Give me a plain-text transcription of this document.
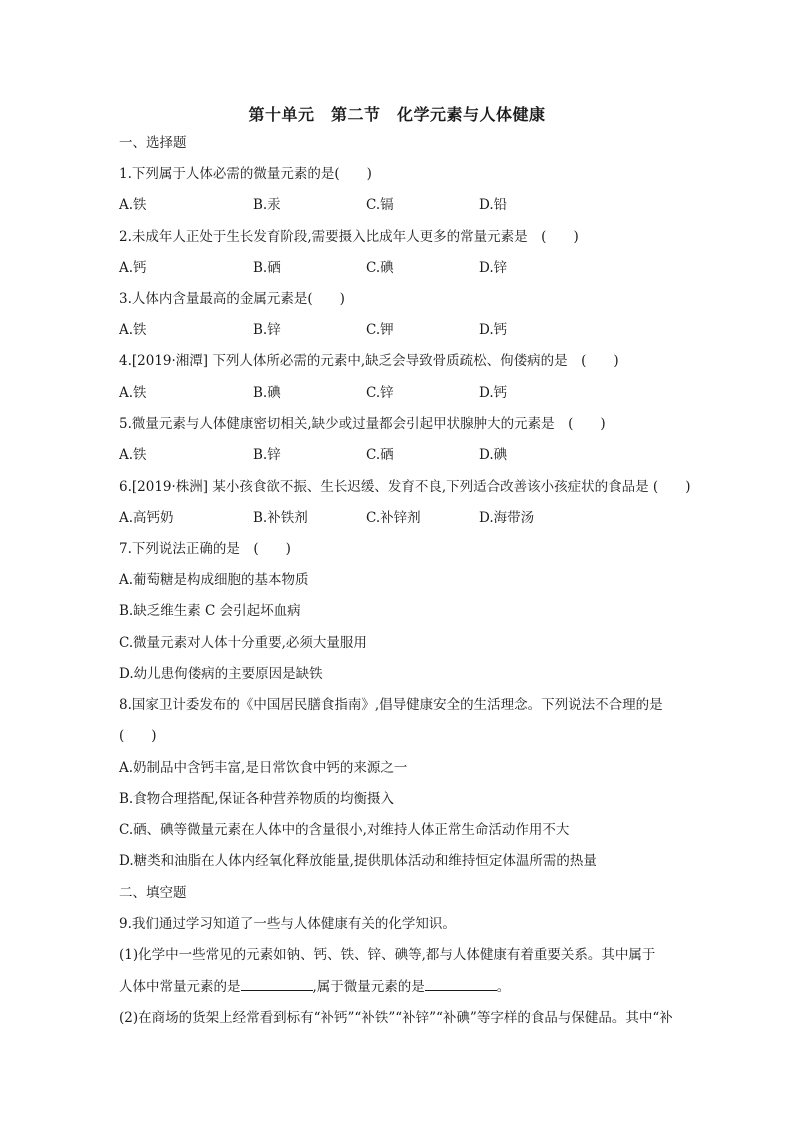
第十单元　第二节　化学元素与人体健康
一、选择题
1.下列属于人体必需的微量元素的是(　　)
A.铁	B.汞	C.镉	D.铅
2.未成年人正处于生长发育阶段,需要摄入比成年人更多的常量元素是　(　　)
A.钙	B.硒	C.碘	D.锌
3.人体内含量最高的金属元素是(　　)
A.铁	B.锌	C.钾	D.钙
4.[2019·湘潭] 下列人体所必需的元素中,缺乏会导致骨质疏松、佝偻病的是　(　　)
A.铁	B.碘	C.锌	D.钙
5.微量元素与人体健康密切相关,缺少或过量都会引起甲状腺肿大的元素是　(　　)
A.铁	B.锌	C.硒	D.碘
6.[2019·株洲] 某小孩食欲不振、生长迟缓、发育不良,下列适合改善该小孩症状的食品是 (　　)
A.高钙奶	B.补铁剂	C.补锌剂	D.海带汤
7.下列说法正确的是　(　　)
A.葡萄糖是构成细胞的基本物质
B.缺乏维生素 C 会引起坏血病
C.微量元素对人体十分重要,必须大量服用
D.幼儿患佝偻病的主要原因是缺铁
8.国家卫计委发布的《中国居民膳食指南》,倡导健康安全的生活理念。下列说法不合理的是
(　　)
A.奶制品中含钙丰富,是日常饮食中钙的来源之一
B.食物合理搭配,保证各种营养物质的均衡摄入
C.硒、碘等微量元素在人体中的含量很小,对维持人体正常生命活动作用不大
D.糖类和油脂在人体内经氧化释放能量,提供肌体活动和维持恒定体温所需的热量
二、填空题
9.我们通过学习知道了一些与人体健康有关的化学知识。
(1)化学中一些常见的元素如钠、钙、铁、锌、碘等,都与人体健康有着重要关系。其中属于
人体中常量元素的是	,属于微量元素的是	。
(2)在商场的货架上经常看到标有“补钙”“补铁”“补锌”“补碘”等字样的食品与保健品。其中“补
